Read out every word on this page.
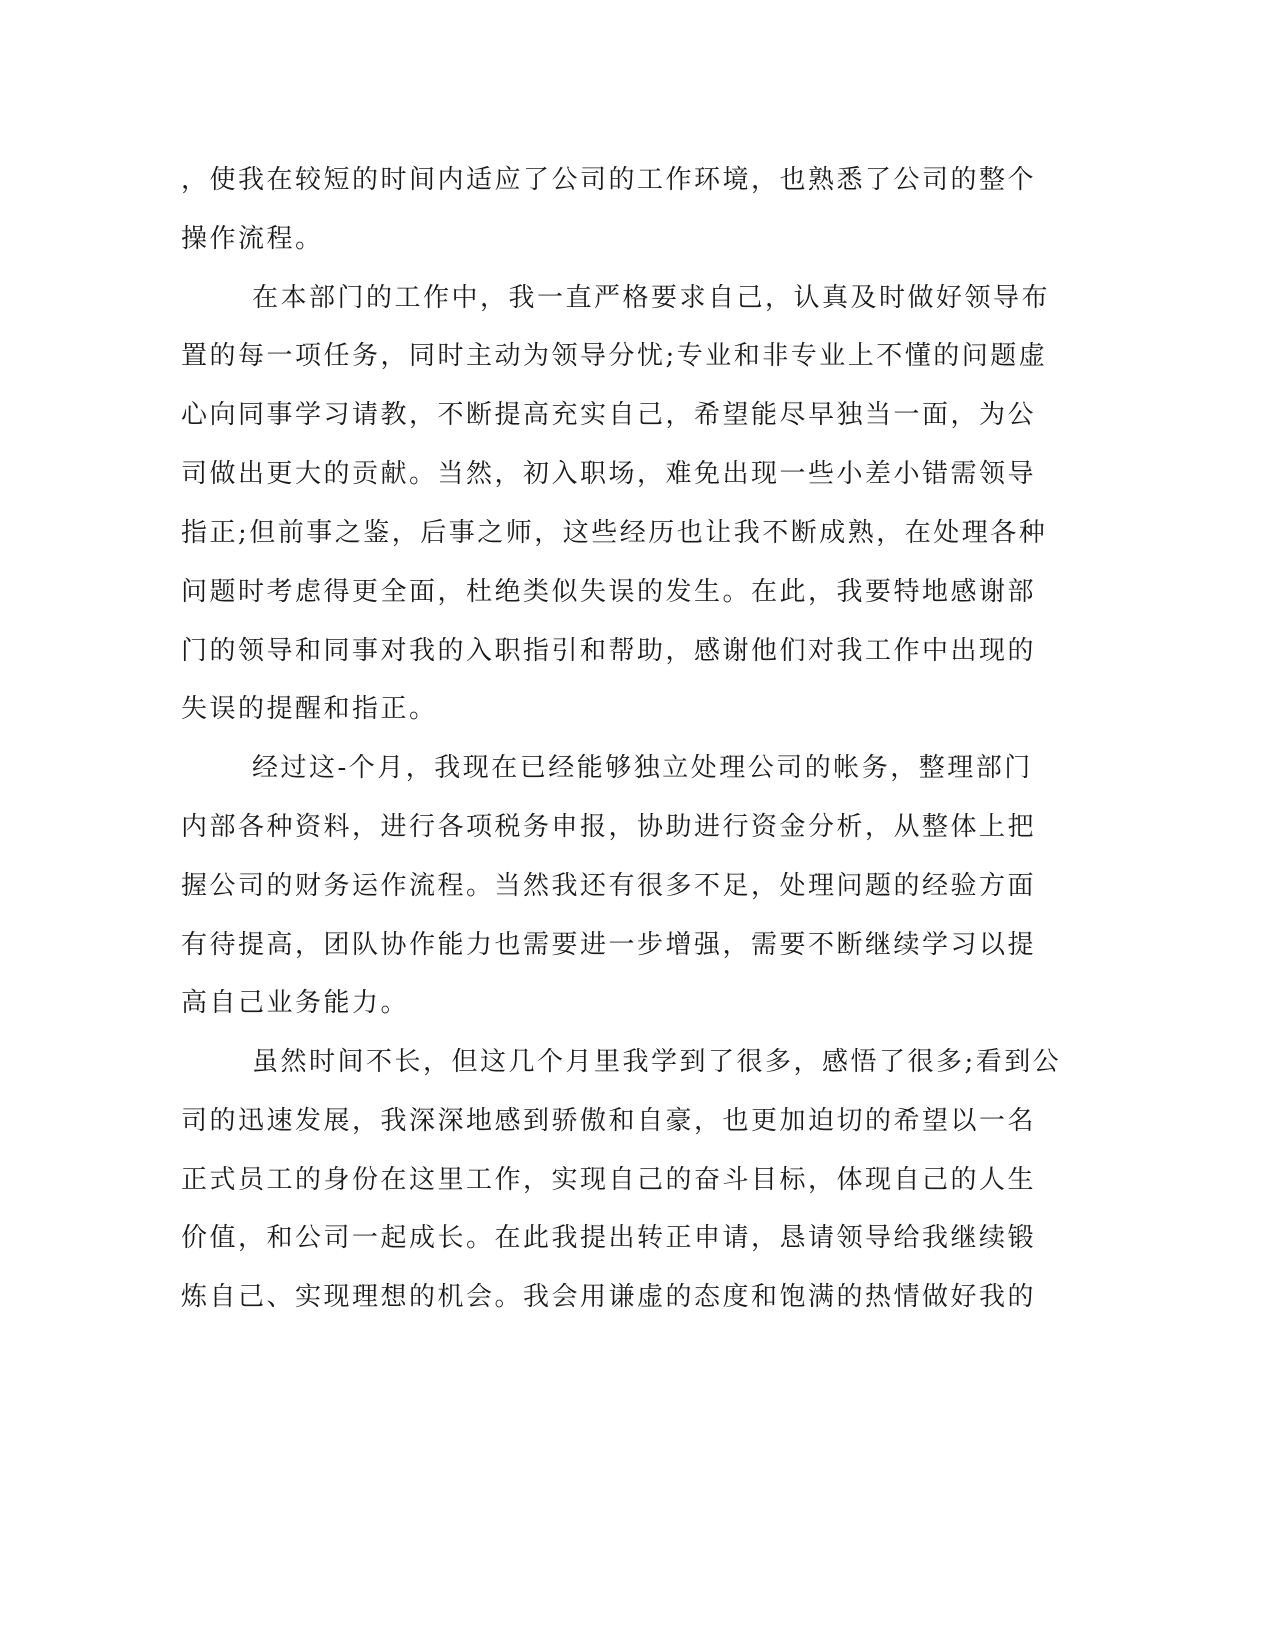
，使我在较短的时间内适应了公司的工作环境，也熟悉了公司的整个
操作流程。
在本部门的工作中，我一直严格要求自己，认真及时做好领导布
置的每一项任务，同时主动为领导分忧;专业和非专业上不懂的问题虚
心向同事学习请教，不断提高充实自己，希望能尽早独当一面，为公
司做出更大的贡献。当然，初入职场，难免出现一些小差小错需领导
指正;但前事之鉴，后事之师，这些经历也让我不断成熟，在处理各种
问题时考虑得更全面，杜绝类似失误的发生。在此，我要特地感谢部
门的领导和同事对我的入职指引和帮助，感谢他们对我工作中出现的
失误的提醒和指正。
经过这-个月，我现在已经能够独立处理公司的帐务，整理部门
内部各种资料，进行各项税务申报，协助进行资金分析，从整体上把
握公司的财务运作流程。当然我还有很多不足，处理问题的经验方面
有待提高，团队协作能力也需要进一步增强，需要不断继续学习以提
高自己业务能力。
虽然时间不长，但这几个月里我学到了很多，感悟了很多;看到公
司的迅速发展，我深深地感到骄傲和自豪，也更加迫切的希望以一名
正式员工的身份在这里工作，实现自己的奋斗目标，体现自己的人生
价值，和公司一起成长。在此我提出转正申请，恳请领导给我继续锻
炼自己、实现理想的机会。我会用谦虚的态度和饱满的热情做好我的
